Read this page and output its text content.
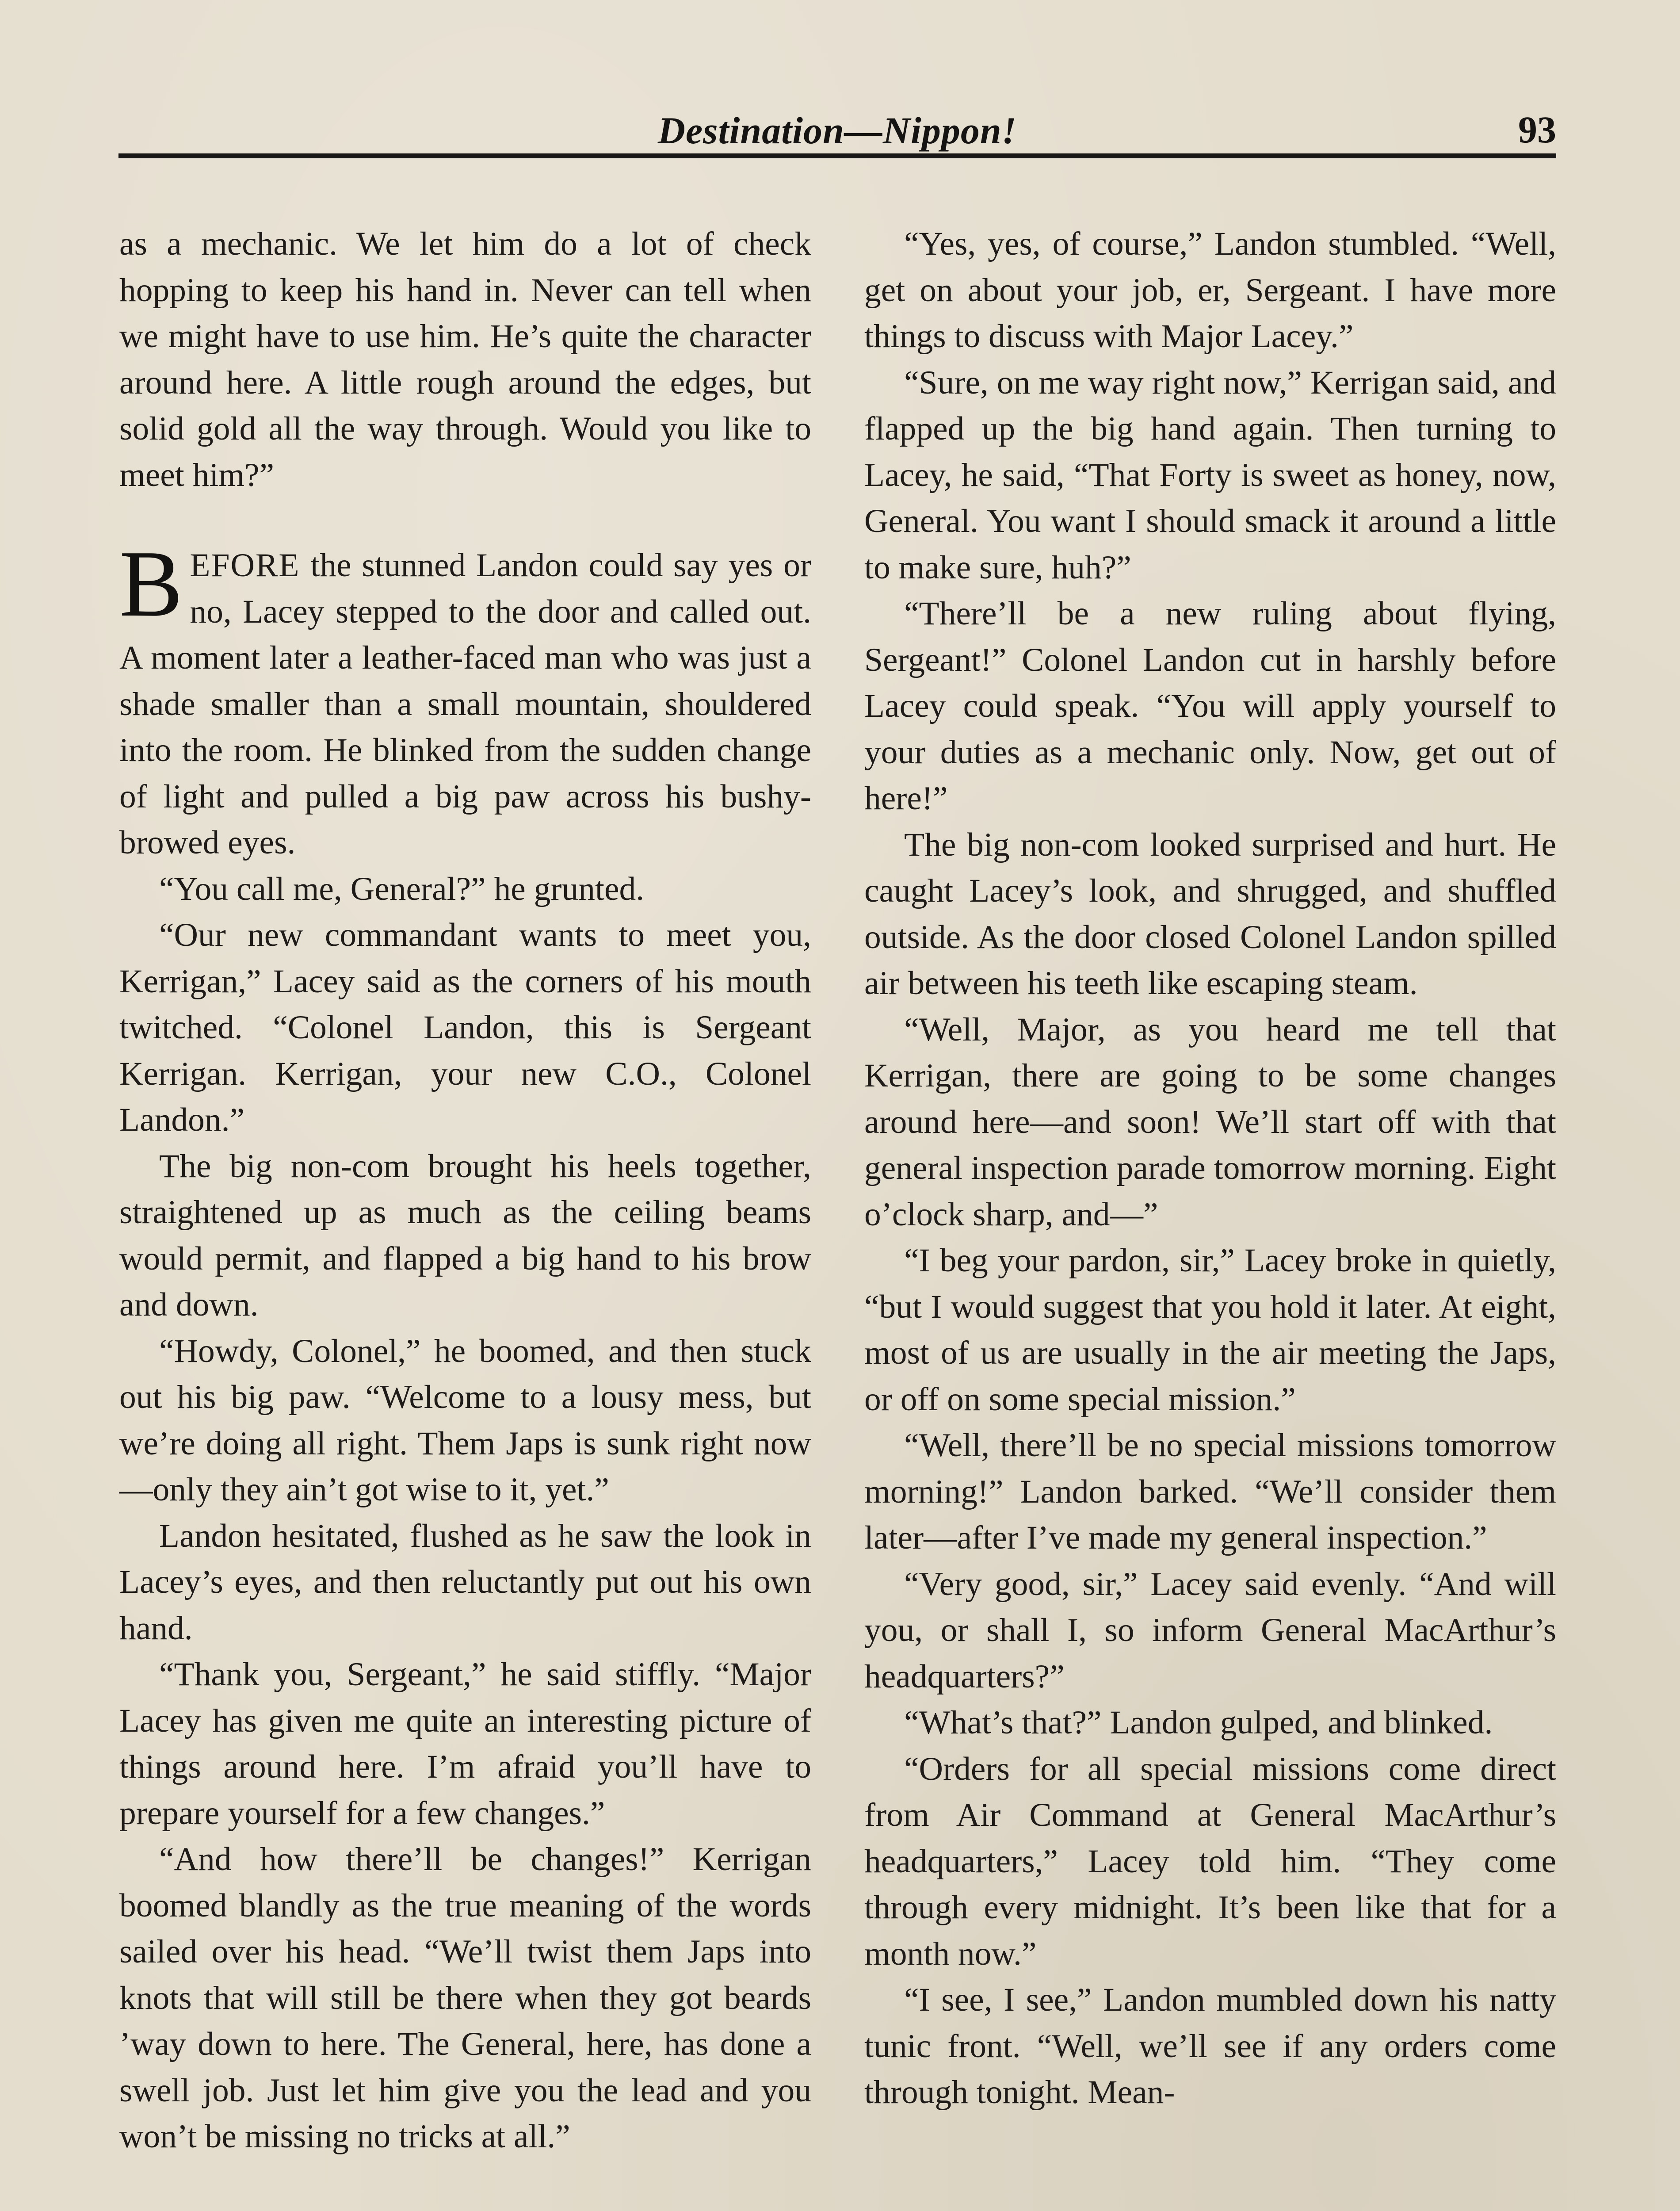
Destination—Nippon!	93

as a mechanic. We let him do a lot of check hopping to keep his hand in. Never can tell when we might have to use him. He’s quite the character around here. A little rough around the edges, but solid gold all the way through. Would you like to meet him?”

BEFORE the stunned Landon could say yes or no, Lacey stepped to the door and called out. A moment later a leather-faced man who was just a shade smaller than a small mountain, shouldered into the room. He blinked from the sudden change of light and pulled a big paw across his bushy-browed eyes.

“You call me, General?” he grunted.

“Our new commandant wants to meet you, Kerrigan,” Lacey said as the corners of his mouth twitched. “Colonel Landon, this is Sergeant Kerrigan. Kerrigan, your new C.O., Colonel Landon.”

The big non-com brought his heels together, straightened up as much as the ceiling beams would permit, and flapped a big hand to his brow and down.

“Howdy, Colonel,” he boomed, and then stuck out his big paw. “Welcome to a lousy mess, but we’re doing all right. Them Japs is sunk right now—only they ain’t got wise to it, yet.”

Landon hesitated, flushed as he saw the look in Lacey’s eyes, and then reluctantly put out his own hand.

“Thank you, Sergeant,” he said stiffly. “Major Lacey has given me quite an interesting picture of things around here. I’m afraid you’ll have to prepare yourself for a few changes.”

“And how there’ll be changes!” Kerrigan boomed blandly as the true meaning of the words sailed over his head. “We’ll twist them Japs into knots that will still be there when they got beards ’way down to here. The General, here, has done a swell job. Just let him give you the lead and you won’t be missing no tricks at all.”

“Yes, yes, of course,” Landon stumbled. “Well, get on about your job, er, Sergeant. I have more things to discuss with Major Lacey.”

“Sure, on me way right now,” Kerrigan said, and flapped up the big hand again. Then turning to Lacey, he said, “That Forty is sweet as honey, now, General. You want I should smack it around a little to make sure, huh?”

“There’ll be a new ruling about flying, Sergeant!” Colonel Landon cut in harshly before Lacey could speak. “You will apply yourself to your duties as a mechanic only. Now, get out of here!”

The big non-com looked surprised and hurt. He caught Lacey’s look, and shrugged, and shuffled outside. As the door closed Colonel Landon spilled air between his teeth like escaping steam.

“Well, Major, as you heard me tell that Kerrigan, there are going to be some changes around here—and soon! We’ll start off with that general inspection parade tomorrow morning. Eight o’clock sharp, and—”

“I beg your pardon, sir,” Lacey broke in quietly, “but I would suggest that you hold it later. At eight, most of us are usually in the air meeting the Japs, or off on some special mission.”

“Well, there’ll be no special missions tomorrow morning!” Landon barked. “We’ll consider them later—after I’ve made my general inspection.”

“Very good, sir,” Lacey said evenly. “And will you, or shall I, so inform General MacArthur’s headquarters?”

“What’s that?” Landon gulped, and blinked.

“Orders for all special missions come direct from Air Command at General MacArthur’s headquarters,” Lacey told him. “They come through every midnight. It’s been like that for a month now.”

“I see, I see,” Landon mumbled down his natty tunic front. “Well, we’ll see if any orders come through tonight. Mean-
